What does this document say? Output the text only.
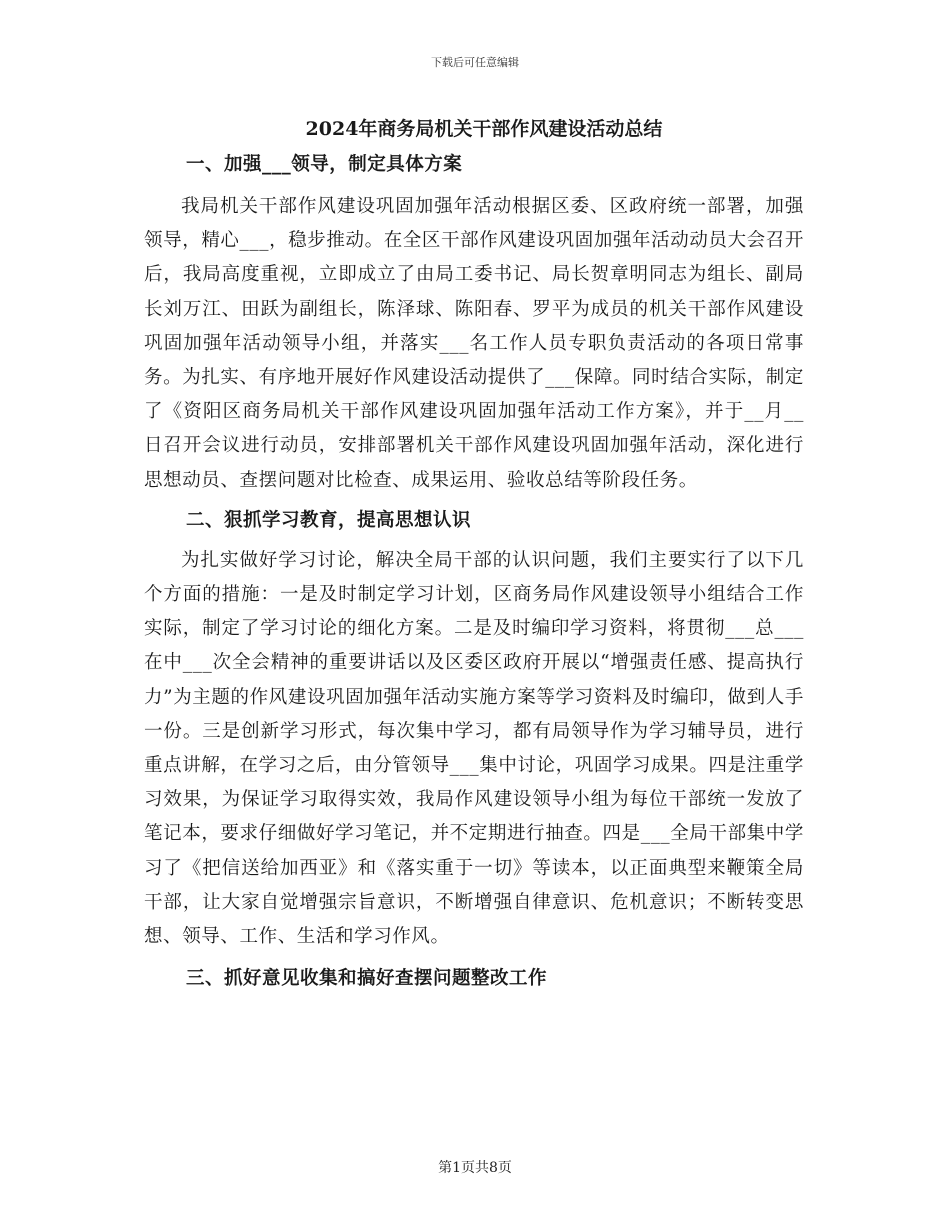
下载后可任意编辑
2024年商务局机关干部作风建设活动总结
一、加强___领导，制定具体方案

我局机关干部作风建设巩固加强年活动根据区委、区政府统一部署，加强领导，精心___，稳步推动。在全区干部作风建设巩固加强年活动动员大会召开后，我局高度重视，立即成立了由局工委书记、局长贺章明同志为组长、副局长刘万江、田跃为副组长，陈泽球、陈阳春、罗平为成员的机关干部作风建设巩固加强年活动领导小组，并落实___名工作人员专职负责活动的各项日常事务。为扎实、有序地开展好作风建设活动提供了___保障。同时结合实际，制定了《资阳区商务局机关干部作风建设巩固加强年活动工作方案》，并于__月__日召开会议进行动员，安排部署机关干部作风建设巩固加强年活动，深化进行思想动员、查摆问题对比检查、成果运用、验收总结等阶段任务。

二、狠抓学习教育，提高思想认识

为扎实做好学习讨论，解决全局干部的认识问题，我们主要实行了以下几个方面的措施：一是及时制定学习计划，区商务局作风建设领导小组结合工作实际，制定了学习讨论的细化方案。二是及时编印学习资料，将贯彻___总___在中___次全会精神的重要讲话以及区委区政府开展以“增强责任感、提高执行力”为主题的作风建设巩固加强年活动实施方案等学习资料及时编印，做到人手一份。三是创新学习形式，每次集中学习，都有局领导作为学习辅导员，进行重点讲解，在学习之后，由分管领导___集中讨论，巩固学习成果。四是注重学习效果，为保证学习取得实效，我局作风建设领导小组为每位干部统一发放了笔记本，要求仔细做好学习笔记，并不定期进行抽查。四是___全局干部集中学习了《把信送给加西亚》和《落实重于一切》等读本，以正面典型来鞭策全局干部，让大家自觉增强宗旨意识，不断增强自律意识、危机意识；不断转变思想、领导、工作、生活和学习作风。

三、抓好意见收集和搞好查摆问题整改工作
第1页共8页
